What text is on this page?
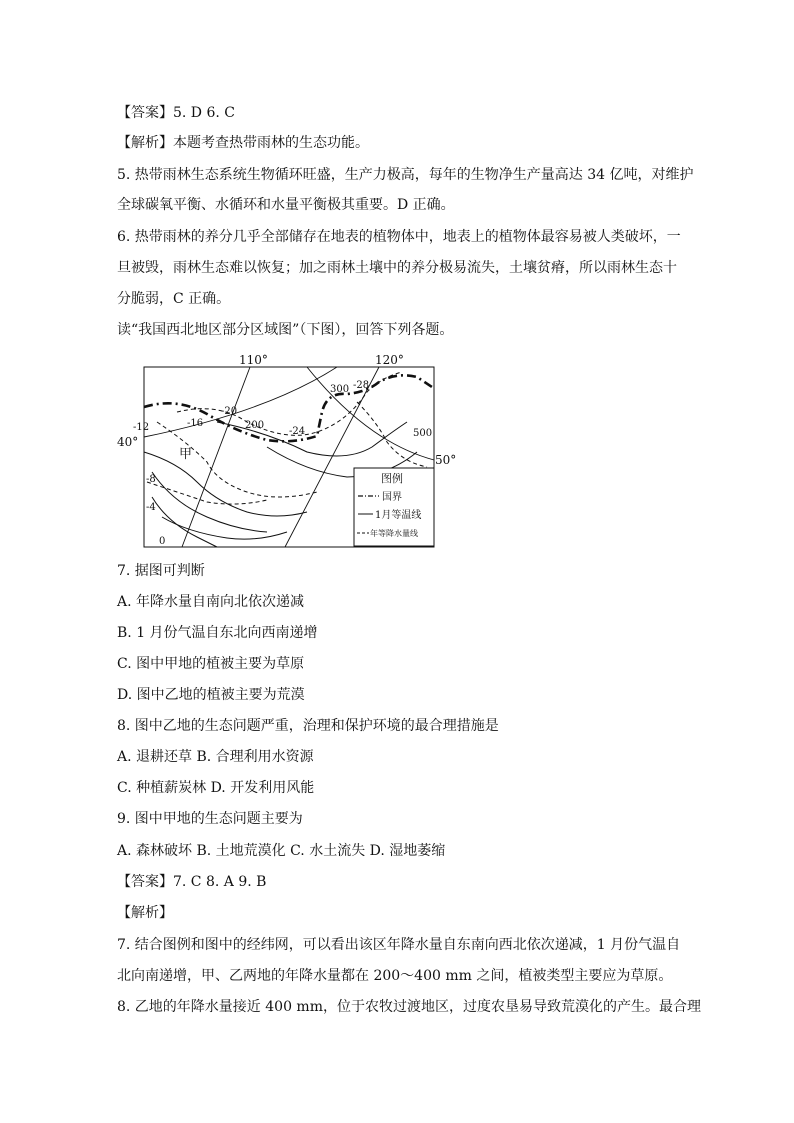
【答案】5. D 6. C
【解析】本题考查热带雨林的生态功能。
5. 热带雨林生态系统生物循环旺盛，生产力极高，每年的生物净生产量高达 34 亿吨，对维护
全球碳氧平衡、水循环和水量平衡极其重要。D 正确。
6. 热带雨林的养分几乎全部储存在地表的植物体中，地表上的植物体最容易被人类破坏，一
旦被毁，雨林生态难以恢复；加之雨林土壤中的养分极易流失，土壤贫瘠，所以雨林生态十
分脆弱，C 正确。
读“我国西北地区部分区域图”（下图），回答下列各题。
110°	120°
40°
50°
-12	-16
-20
-24
-28
-8
-4
0
200
300
500
甲
图例
国界
1月等温线
年等降水量线
7. 据图可判断
A. 年降水量自南向北依次递减
B. 1 月份气温自东北向西南递增
C. 图中甲地的植被主要为草原
D. 图中乙地的植被主要为荒漠
8. 图中乙地的生态问题严重，治理和保护环境的最合理措施是
A. 退耕还草 B. 合理利用水资源
C. 种植薪炭林 D. 开发利用风能
9. 图中甲地的生态问题主要为
A. 森林破坏 B. 土地荒漠化 C. 水土流失 D. 湿地萎缩
【答案】7. C 8. A 9. B
【解析】
7. 结合图例和图中的经纬网，可以看出该区年降水量自东南向西北依次递减，1 月份气温自
北向南递增，甲、乙两地的年降水量都在 200～400 mm 之间，植被类型主要应为草原。
8. 乙地的年降水量接近 400 mm，位于农牧过渡地区，过度农垦易导致荒漠化的产生。最合理
